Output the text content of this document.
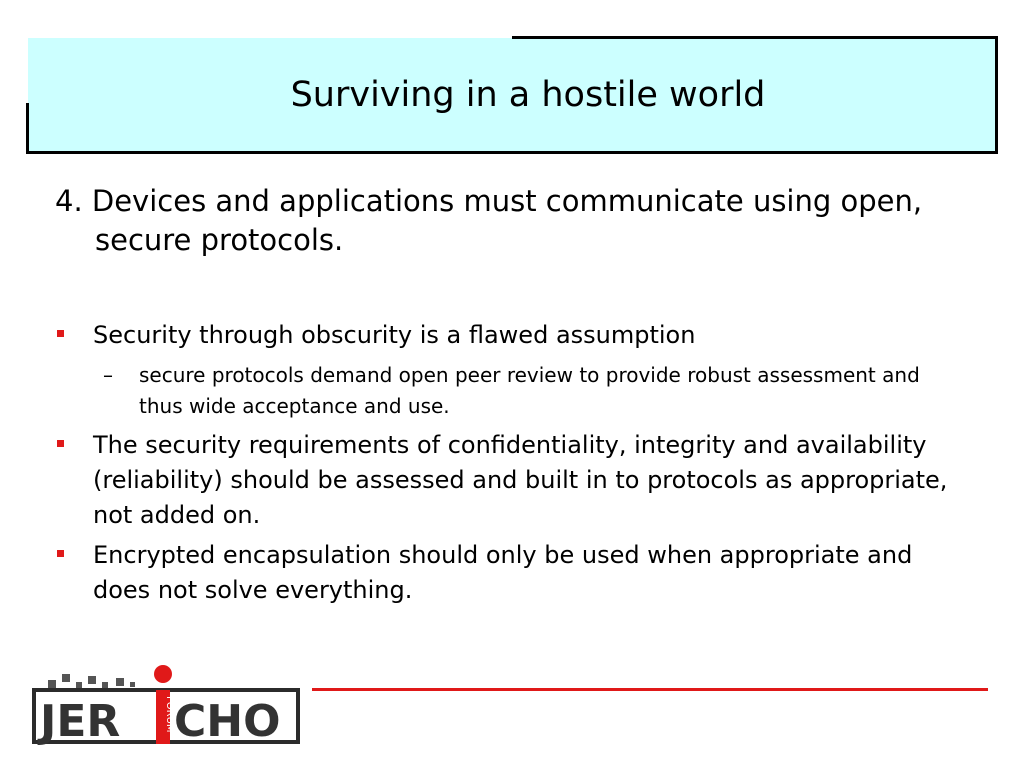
Surviving in a hostile world
4. Devices and applications must communicate using open, secure protocols.
Security through obscurity is a flawed assumption
– secure protocols demand open peer review to provide robust assessment and thus wide acceptance and use.
The security requirements of confidentiality, integrity and availability (reliability) should be assessed and built in to protocols as appropriate, not added on.
Encrypted encapsulation should only be used when appropriate and does not solve everything.
JER	FORUM CHO
